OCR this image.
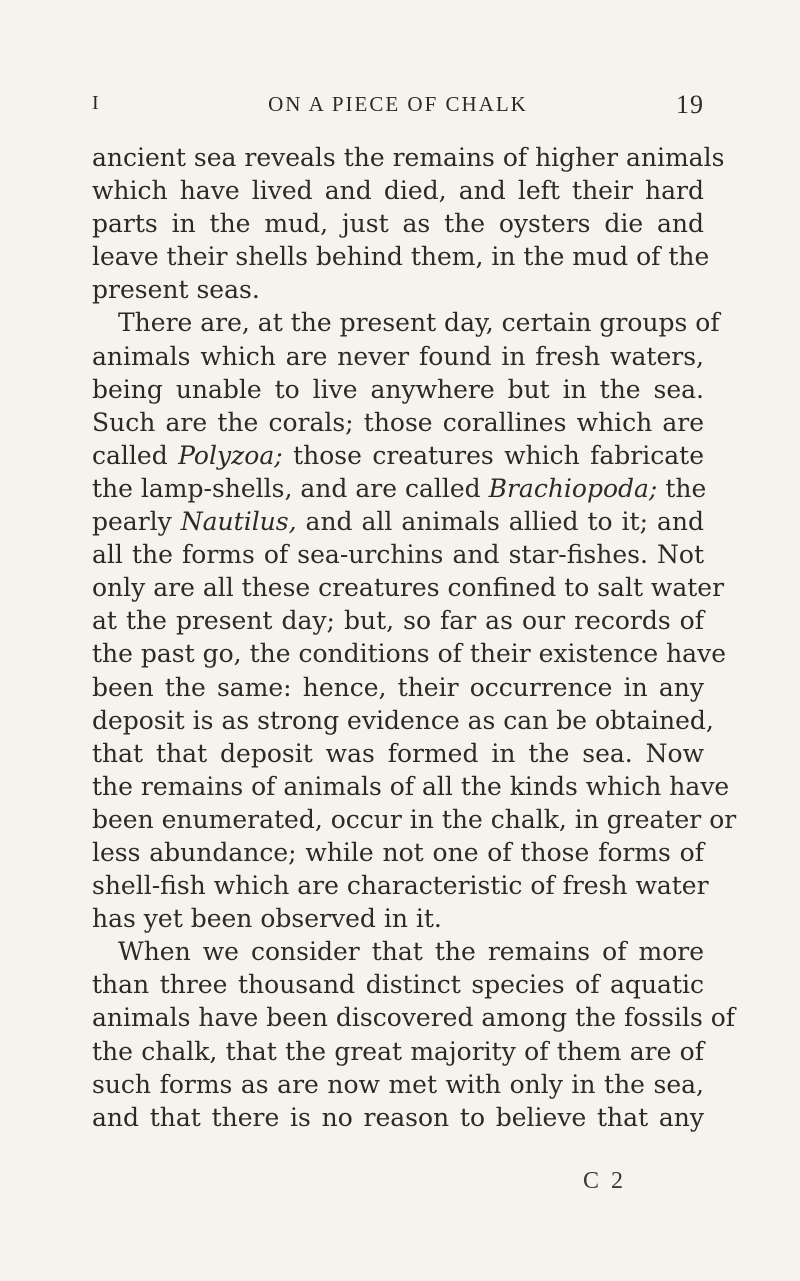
I	ON A PIECE OF CHALK	19
ancient sea reveals the remains of higher animals
which have lived and died, and left their hard
parts in the mud, just as the oysters die and
leave their shells behind them, in the mud of the
present seas.
There are, at the present day, certain groups of
animals which are never found in fresh waters,
being unable to live anywhere but in the sea.
Such are the corals; those corallines which are
called Polyzoa; those creatures which fabricate
the lamp-shells, and are called Brachiopoda; the
pearly Nautilus, and all animals allied to it; and
all the forms of sea-urchins and star-fishes. Not
only are all these creatures confined to salt water
at the present day; but, so far as our records of
the past go, the conditions of their existence have
been the same: hence, their occurrence in any
deposit is as strong evidence as can be obtained,
that that deposit was formed in the sea. Now
the remains of animals of all the kinds which have
been enumerated, occur in the chalk, in greater or
less abundance; while not one of those forms of
shell-fish which are characteristic of fresh water
has yet been observed in it.
When we consider that the remains of more
than three thousand distinct species of aquatic
animals have been discovered among the fossils of
the chalk, that the great majority of them are of
such forms as are now met with only in the sea,
and that there is no reason to believe that any
C 2
